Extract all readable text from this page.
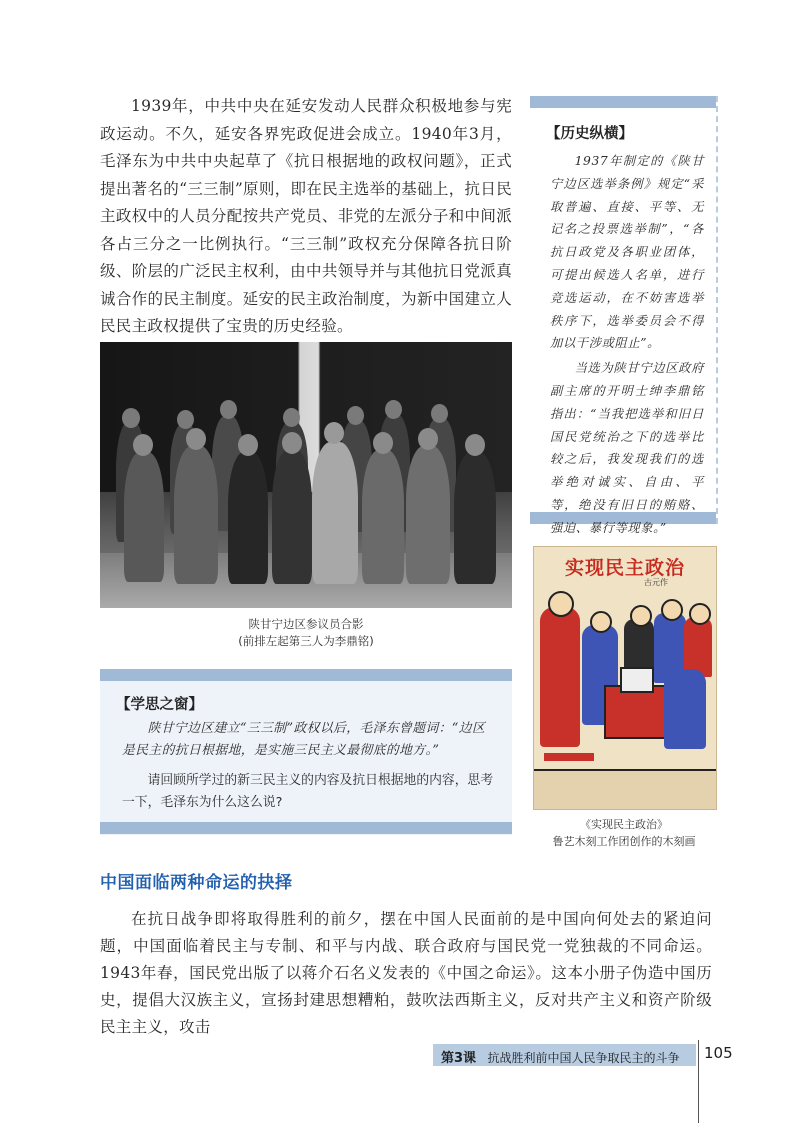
1939年，中共中央在延安发动人民群众积极地参与宪政运动。不久，延安各界宪政促进会成立。1940年3月，毛泽东为中共中央起草了《抗日根据地的政权问题》，正式提出著名的“三三制”原则，即在民主选举的基础上，抗日民主政权中的人员分配按共产党员、非党的左派分子和中间派各占三分之一比例执行。“三三制”政权充分保障各抗日阶级、阶层的广泛民主权利，由中共领导并与其他抗日党派真诚合作的民主制度。延安的民主政治制度，为新中国建立人民民主政权提供了宝贵的历史经验。

【历史纵横】

1937年制定的《陕甘宁边区选举条例》规定“采取普遍、直接、平等、无记名之投票选举制”，“各抗日政党及各职业团体，可提出候选人名单，进行竞选运动，在不妨害选举秩序下，选举委员会不得加以干涉或阻止”。

当选为陕甘宁边区政府副主席的开明士绅李鼎铭指出：“当我把选举和旧日国民党统治之下的选举比较之后，我发现我们的选举绝对诚实、自由、平等，绝没有旧日的贿赂、强迫、暴行等现象。”

陕甘宁边区参议员合影
(前排左起第三人为李鼎铭)
实现民主政治
古元作
《实现民主政治》
鲁艺木刻工作团创作的木刻画
【学思之窗】

陕甘宁边区建立“三三制”政权以后，毛泽东曾题词：“边区是民主的抗日根据地，是实施三民主义最彻底的地方。”

请回顾所学过的新三民主义的内容及抗日根据地的内容，思考一下，毛泽东为什么这么说?

中国面临两种命运的抉择

在抗日战争即将取得胜利的前夕，摆在中国人民面前的是中国向何处去的紧迫问题，中国面临着民主与专制、和平与内战、联合政府与国民党一党独裁的不同命运。1943年春，国民党出版了以蒋介石名义发表的《中国之命运》。这本小册子伪造中国历史，提倡大汉族主义，宣扬封建思想糟粕，鼓吹法西斯主义，反对共产主义和资产阶级民主主义，攻击

第3课 抗战胜利前中国人民争取民主的斗争 105
